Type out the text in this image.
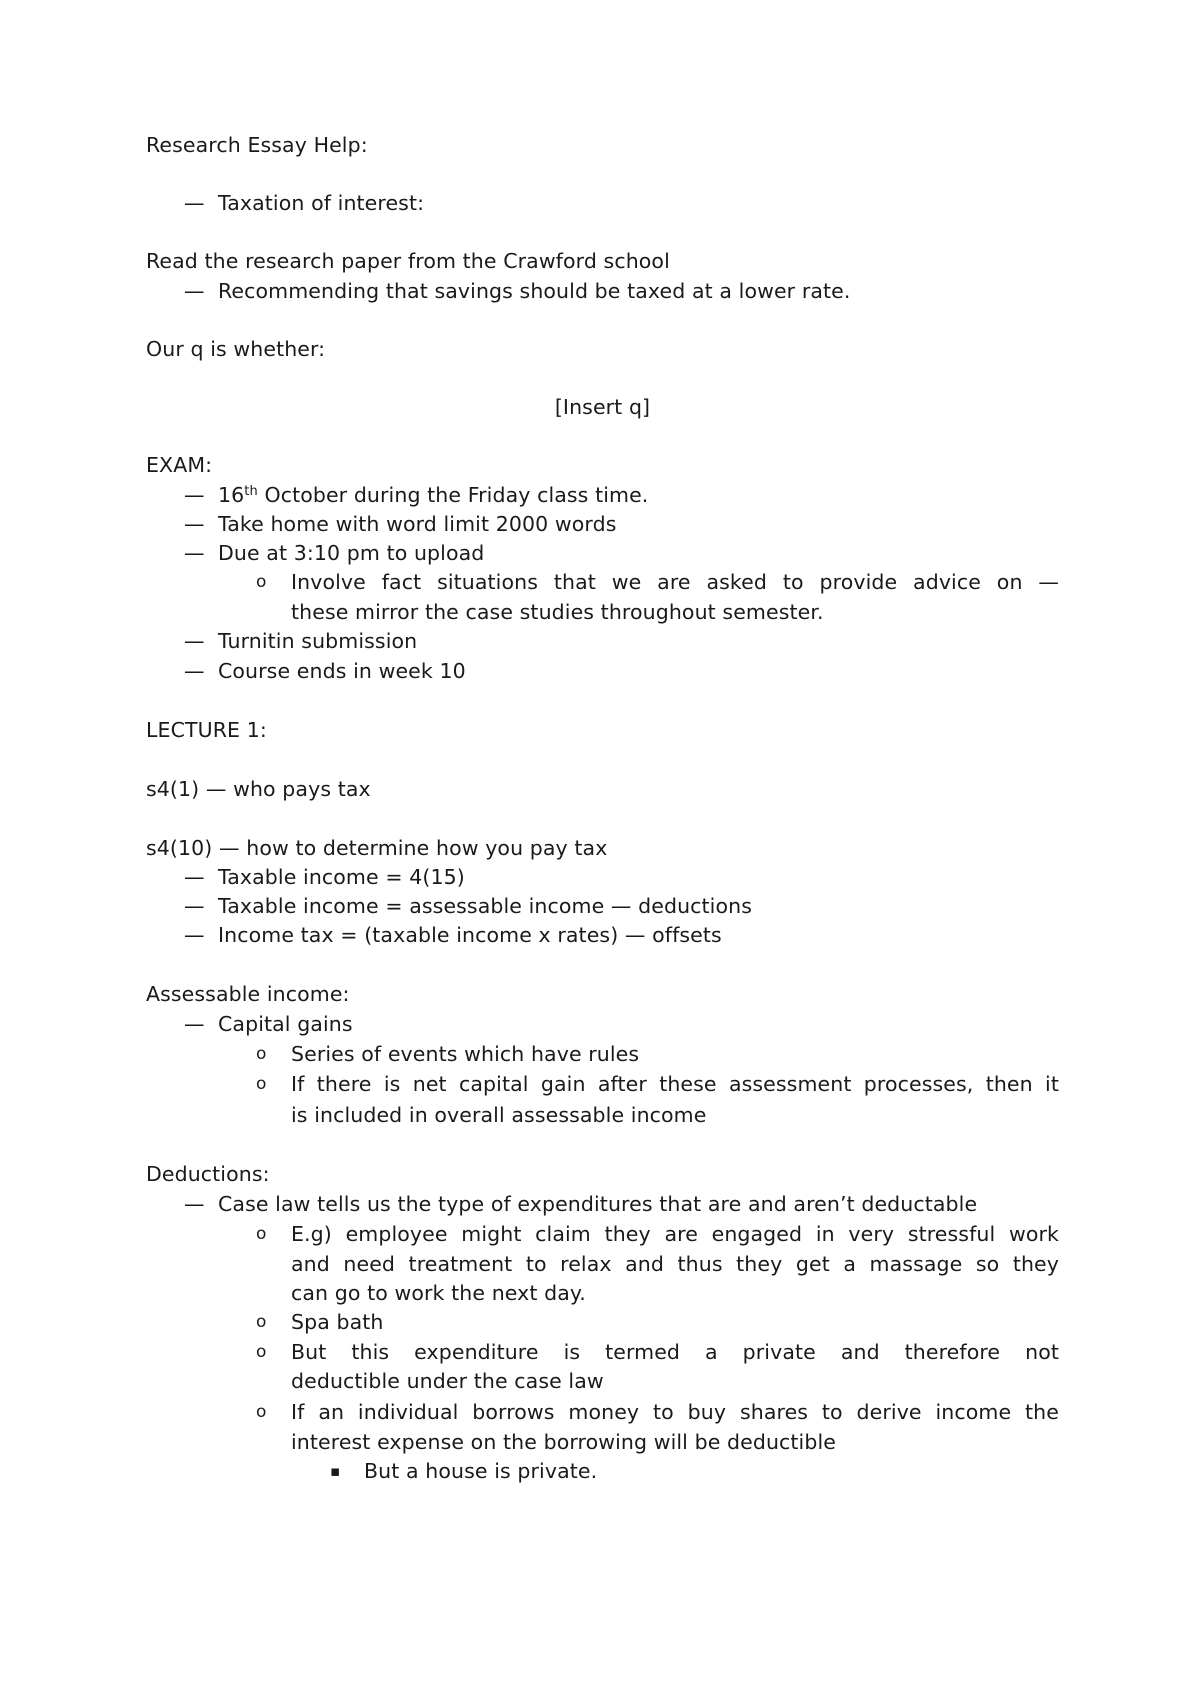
Research Essay Help:
— Taxation of interest:
Read the research paper from the Crawford school
— Recommending that savings should be taxed at a lower rate.
Our q is whether:
[Insert q]
EXAM:
— 16th October during the Friday class time.
— Take home with word limit 2000 words
— Due at 3:10 pm to upload
o Involve fact situations that we are asked to provide advice on —
these mirror the case studies throughout semester.
— Turnitin submission
— Course ends in week 10
LECTURE 1:
s4(1) — who pays tax
s4(10) — how to determine how you pay tax
— Taxable income = 4(15)
— Taxable income = assessable income — deductions
— Income tax = (taxable income x rates) — offsets
Assessable income:
— Capital gains
o Series of events which have rules
o If there is net capital gain after these assessment processes, then it
is included in overall assessable income
Deductions:
— Case law tells us the type of expenditures that are and aren’t deductable
o E.g) employee might claim they are engaged in very stressful work
and need treatment to relax and thus they get a massage so they
can go to work the next day.
o Spa bath
o But this expenditure is termed a private and therefore not
deductible under the case law
o If an individual borrows money to buy shares to derive income the
interest expense on the borrowing will be deductible
▪ But a house is private.
